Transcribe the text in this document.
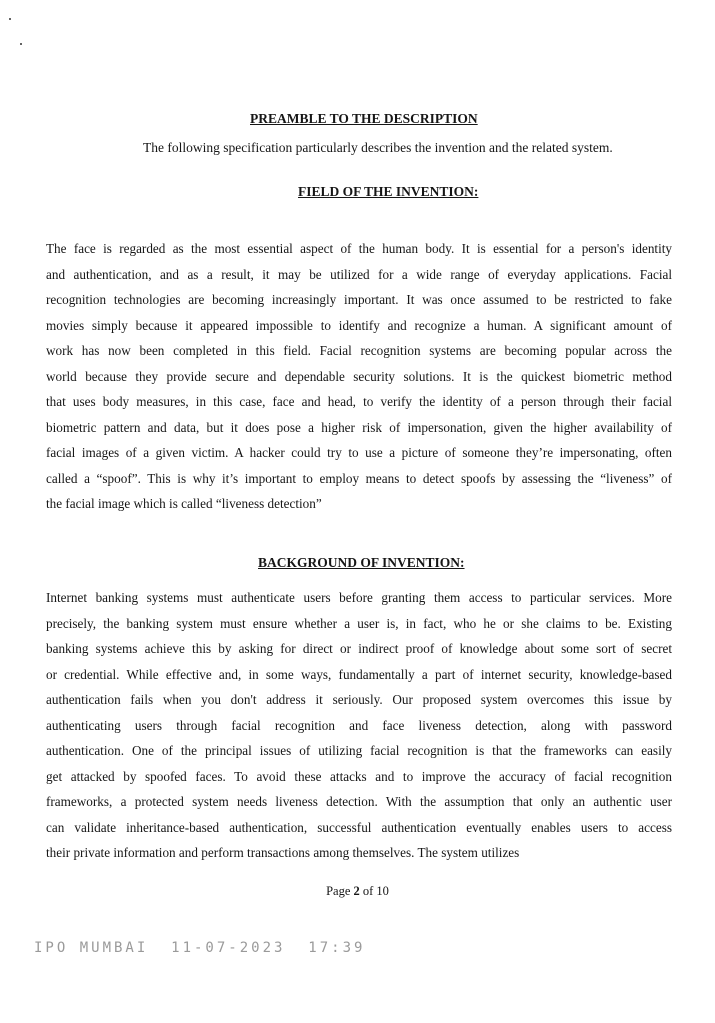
PREAMBLE TO THE DESCRIPTION
The following specification particularly describes the invention and the related system.
FIELD OF THE INVENTION:
The face is regarded as the most essential aspect of the human body. It is essential for a person's identity
and authentication, and as a result, it may be utilized for a wide range of everyday applications. Facial
recognition technologies are becoming increasingly important. It was once assumed to be restricted to fake
movies simply because it appeared impossible to identify and recognize a human. A significant amount of
work has now been completed in this field. Facial recognition systems are becoming popular across the
world because they provide secure and dependable security solutions. It is the quickest biometric method
that uses body measures, in this case, face and head, to verify the identity of a person through their facial
biometric pattern and data, but it does pose a higher risk of impersonation, given the higher availability of
facial images of a given victim. A hacker could try to use a picture of someone they’re impersonating, often
called a “spoof”. This is why it’s important to employ means to detect spoofs by assessing the “liveness” of
the facial image which is called “liveness detection”
BACKGROUND OF INVENTION:
Internet banking systems must authenticate users before granting them access to particular services. More
precisely, the banking system must ensure whether a user is, in fact, who he or she claims to be. Existing
banking systems achieve this by asking for direct or indirect proof of knowledge about some sort of secret
or credential. While effective and, in some ways, fundamentally a part of internet security, knowledge-based
authentication fails when you don't address it seriously. Our proposed system overcomes this issue by
authenticating users through facial recognition and face liveness detection, along with password
authentication. One of the principal issues of utilizing facial recognition is that the frameworks can easily
get attacked by spoofed faces. To avoid these attacks and to improve the accuracy of facial recognition
frameworks, a protected system needs liveness detection. With the assumption that only an authentic user
can validate inheritance-based authentication, successful authentication eventually enables users to access
their private information and perform transactions among themselves. The system utilizes
Page 2 of 10
IPO MUMBAI  11-07-2023  17:39
